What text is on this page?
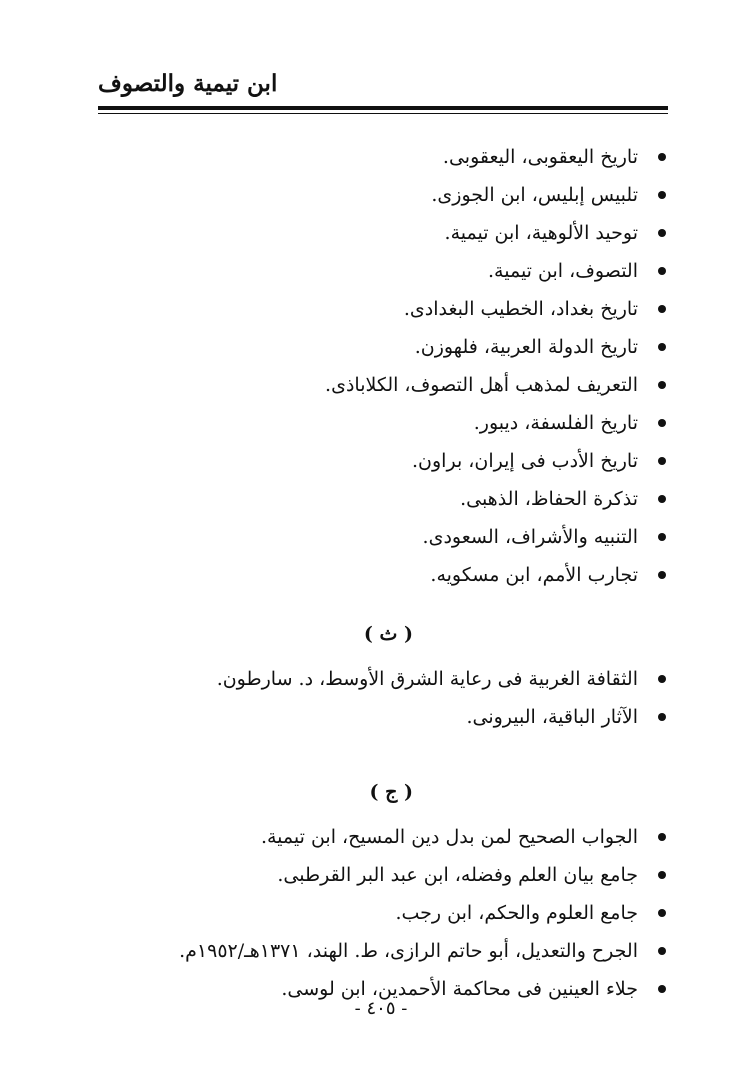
ابن تيمية والتصوف
تاريخ اليعقوبى، اليعقوبى.
تلبيس إبليس، ابن الجوزى.
توحيد الألوهية، ابن تيمية.
التصوف، ابن تيمية.
تاريخ بغداد، الخطيب البغدادى.
تاريخ الدولة العربية، فلهوزن.
التعريف لمذهب أهل التصوف، الكلاباذى.
تاريخ الفلسفة، ديبور.
تاريخ الأدب فى إيران، براون.
تذكرة الحفاظ، الذهبى.
التنبيه والأشراف، السعودى.
تجارب الأمم، ابن مسكويه.
( ث )
الثقافة الغربية فى رعاية الشرق الأوسط، د. سارطون.
الآثار الباقية، البيرونى.
( ج )
الجواب الصحيح لمن بدل دين المسيح، ابن تيمية.
جامع بيان العلم وفضله، ابن عبد البر القرطبى.
جامع العلوم والحكم، ابن رجب.
الجرح والتعديل، أبو حاتم الرازى، ط. الهند، ١٣٧١هـ/١٩٥٢م.
جلاء العينين فى محاكمة الأحمدين، ابن لوسى.
- ٤٠٥ -
